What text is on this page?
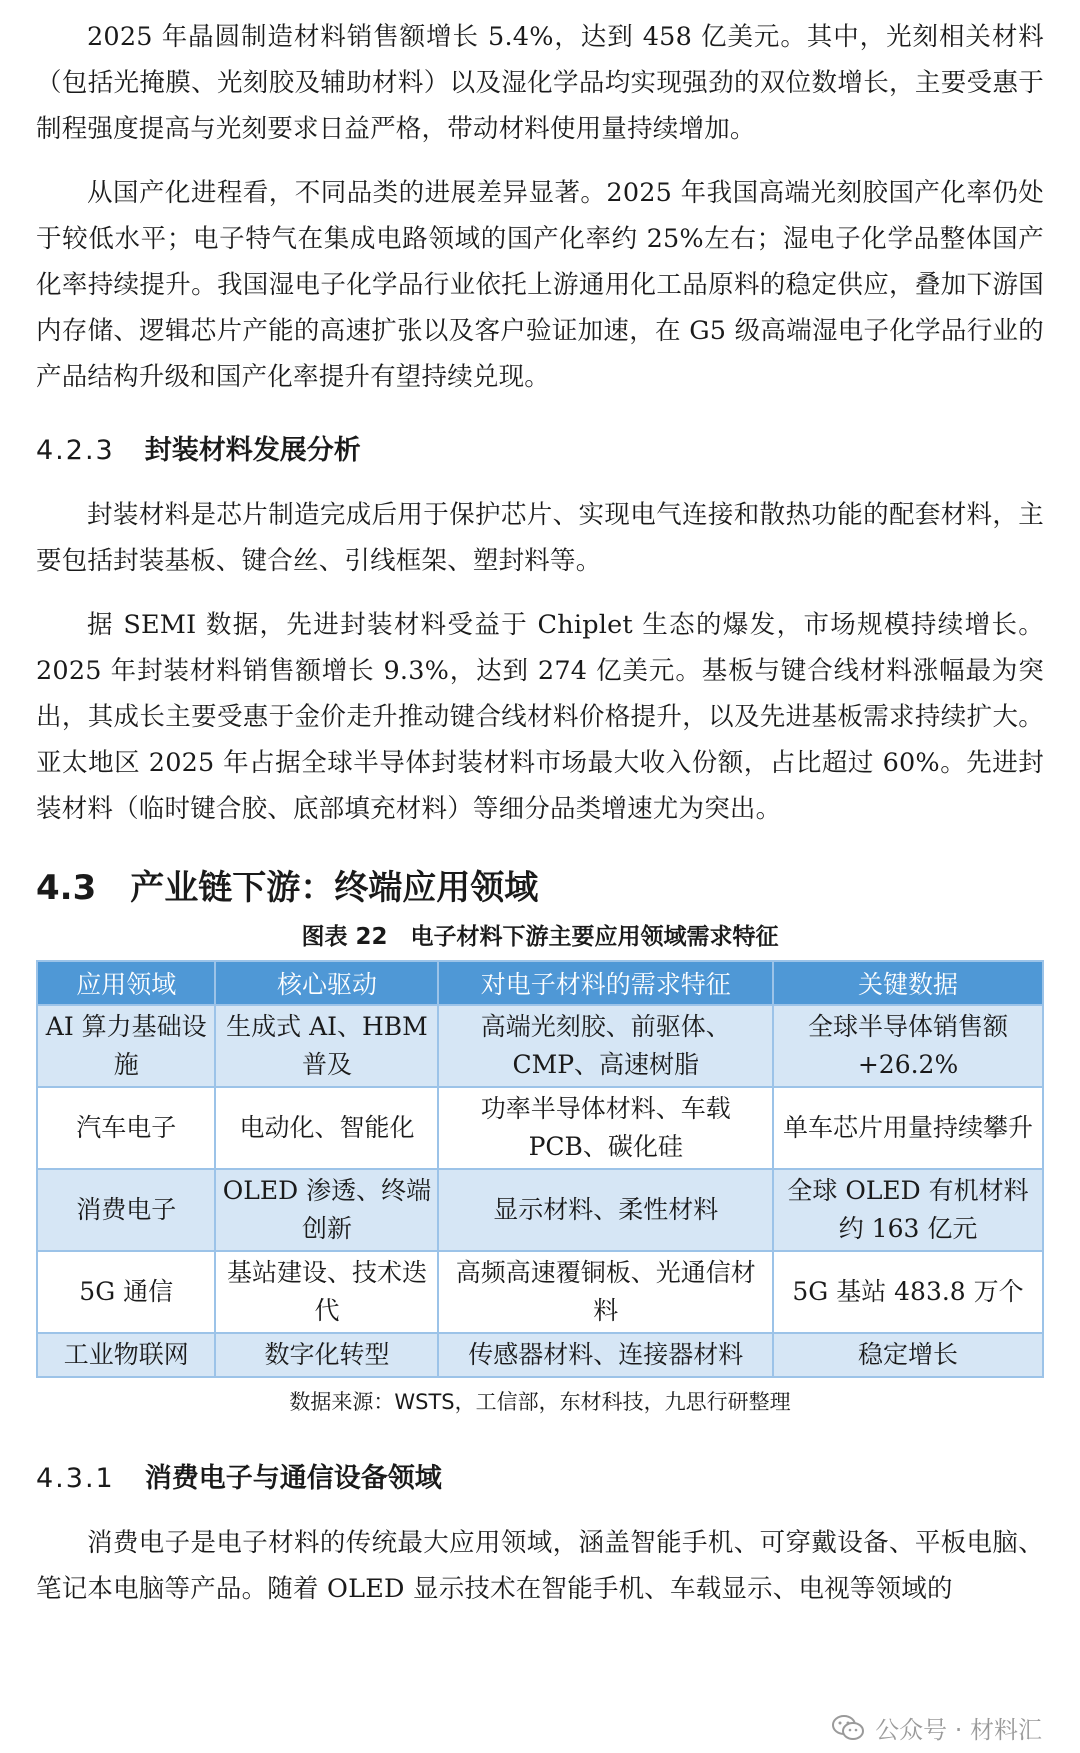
2025 年晶圆制造材料销售额增长 5.4%，达到 458 亿美元。其中，光刻相关材料（包括光掩膜、光刻胶及辅助材料）以及湿化学品均实现强劲的双位数增长，主要受惠于制程强度提高与光刻要求日益严格，带动材料使用量持续增加。

从国产化进程看，不同品类的进展差异显著。2025 年我国高端光刻胶国产化率仍处于较低水平；电子特气在集成电路领域的国产化率约 25%左右；湿电子化学品整体国产化率持续提升。我国湿电子化学品行业依托上游通用化工品原料的稳定供应，叠加下游国内存储、逻辑芯片产能的高速扩张以及客户验证加速，在 G5 级高端湿电子化学品行业的产品结构升级和国产化率提升有望持续兑现。

4.2.3 封装材料发展分析

封装材料是芯片制造完成后用于保护芯片、实现电气连接和散热功能的配套材料，主要包括封装基板、键合丝、引线框架、塑封料等。

据 SEMI 数据，先进封装材料受益于 Chiplet 生态的爆发，市场规模持续增长。2025 年封装材料销售额增长 9.3%，达到 274 亿美元。基板与键合线材料涨幅最为突出，其成长主要受惠于金价走升推动键合线材料价格提升，以及先进基板需求持续扩大。亚太地区 2025 年占据全球半导体封装材料市场最大收入份额，占比超过 60%。先进封装材料（临时键合胶、底部填充材料）等细分品类增速尤为突出。

4.3 产业链下游：终端应用领域
图表 22　电子材料下游主要应用领域需求特征
应用领域	核心驱动	对电子材料的需求特征	关键数据
AI 算力基础设施	生成式 AI、HBM 普及	高端光刻胶、前驱体、CMP、高速树脂	全球半导体销售额 +26.2%
汽车电子	电动化、智能化	功率半导体材料、车载 PCB、碳化硅	单车芯片用量持续攀升
消费电子	OLED 渗透、终端创新	显示材料、柔性材料	全球 OLED 有机材料约 163 亿元
5G 通信	基站建设、技术迭代	高频高速覆铜板、光通信材料	5G 基站 483.8 万个
工业物联网	数字化转型	传感器材料、连接器材料	稳定增长
数据来源：WSTS，工信部，东材科技，九思行研整理
4.3.1 消费电子与通信设备领域

消费电子是电子材料的传统最大应用领域，涵盖智能手机、可穿戴设备、平板电脑、笔记本电脑等产品。随着 OLED 显示技术在智能手机、车载显示、电视等领域的

公众号 · 材料汇
